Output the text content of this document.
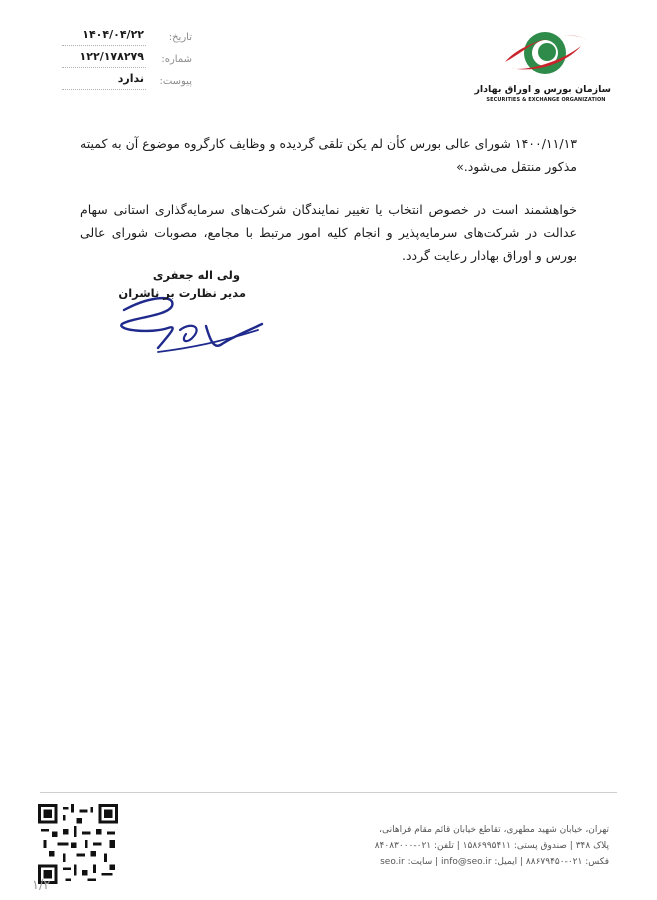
سازمان بورس و اوراق بهادار
SECURITIES & EXCHANGE ORGANIZATION
تاریخ:
۱۴۰۴/۰۴/۲۲
شماره:
۱۲۲/۱۷۸۲۷۹
پیوست:
ندارد
۱۴۰۰/۱۱/۱۳ شورای عالی بورس کأن لم یکن تلقی گردیده و وظایف کارگروه موضوع آن به کمیته مذکور منتقل می‌شود.»
خواهشمند است در خصوص انتخاب یا تغییر نمایندگان شرکت‌های سرمایه‌گذاری استانی سهام عدالت در شرکت‌های سرمایه‌پذیر و انجام کلیه امور مرتبط با مجامع، مصوبات شورای عالی بورس و اوراق بهادار رعایت گردد.
ولی اله جعفری
مدیر نظارت بر ناشران
تهران، خیابان شهید مطهری، تقاطع خیابان قائم مقام فراهانی،
پلاک ۳۴۸ | صندوق پستی: ۱۵۸۶۹۹۵۴۱۱ | تلفن: ۰۲۱-۸۴۰۸۳۰۰۰
فکس: ۰۲۱-۸۸۶۷۹۴۵۰ | ایمیل: info@seo.ir | سایت: seo.ir
۱/۲
